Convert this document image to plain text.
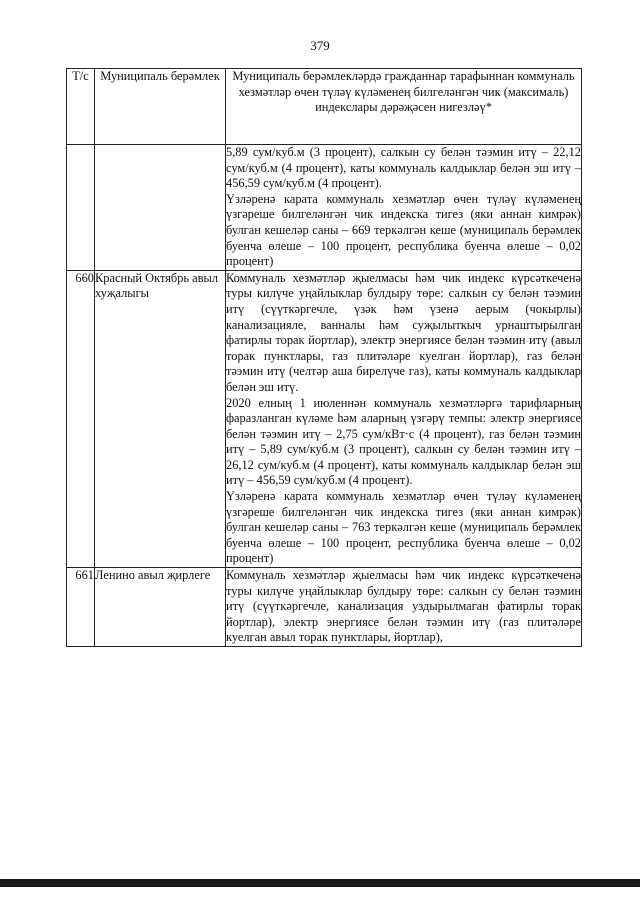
379
Т/с	Муниципаль берәмлек	Муниципаль берәмлекләрдә гражданнар тарафыннан коммуналь хезмәтләр өчен түләү күләменең билгеләнгән чик (максималь) индекслары дәрәҗәсен нигезләү*

		5,89 сум/куб.м (3 процент), салкын су белән тәэмин итү – 22,12 сум/куб.м (4 процент), каты коммуналь калдыклар белән эш итү – 456,59 сум/куб.м (4 процент).

Үзләренә карата коммуналь хезмәтләр өчен түләү күләменең үзгәреше билгеләнгән чик индекска тигез (яки аннан кимрәк) булган кешеләр саны – 669 теркәлгән кеше (муниципаль берәмлек буенча өлеше – 100 процент, республика буенча өлеше – 0,02 процент)

660	Красный Октябрь авыл хуҗалыгы	Коммуналь хезмәтләр җыелмасы һәм чик индекс күрсәткеченә туры килүче уңайлыклар булдыру төре: салкын су белән тәэмин итү (сүүткәргечле, үзәк һәм үзенә аерым (чокырлы) канализацияле, ванналы һәм суҗылыткыч урнаштырылган фатирлы торак йортлар), электр энергиясе белән тәэмин итү (авыл торак пунктлары, газ плитәләре куелган йортлар), газ белән тәэмин итү (челтәр аша бирелүче газ), каты коммуналь калдыклар белән эш итү.

2020 елның 1 июленнән коммуналь хезмәтләргә тарифларның фаразланган күләме һәм аларның үзгәрү темпы: электр энергиясе белән тәэмин итү – 2,75 сум/кВт·с (4 процент), газ белән тәэмин итү – 5,89 сум/куб.м (3 процент), салкын су белән тәэмин итү – 26,12 сум/куб.м (4 процент), каты коммуналь калдыклар белән эш итү – 456,59 сум/куб.м (4 процент).

Үзләренә карата коммуналь хезмәтләр өчен түләү күләменең үзгәреше билгеләнгән чик индекска тигез (яки аннан кимрәк) булган кешеләр саны – 763 теркәлгән кеше (муниципаль берәмлек буенча өлеше – 100 процент, республика буенча өлеше – 0,02 процент)

661	Ленино авыл җирлеге	Коммуналь хезмәтләр җыелмасы һәм чик индекс күрсәткеченә туры килүче уңайлыклар булдыру төре: салкын су белән тәэмин итү (сүүткәргечле, канализация уздырылмаган фатирлы торак йортлар), электр энергиясе белән тәэмин итү (газ плитәләре куелган авыл торак пунктлары, йортлар),
